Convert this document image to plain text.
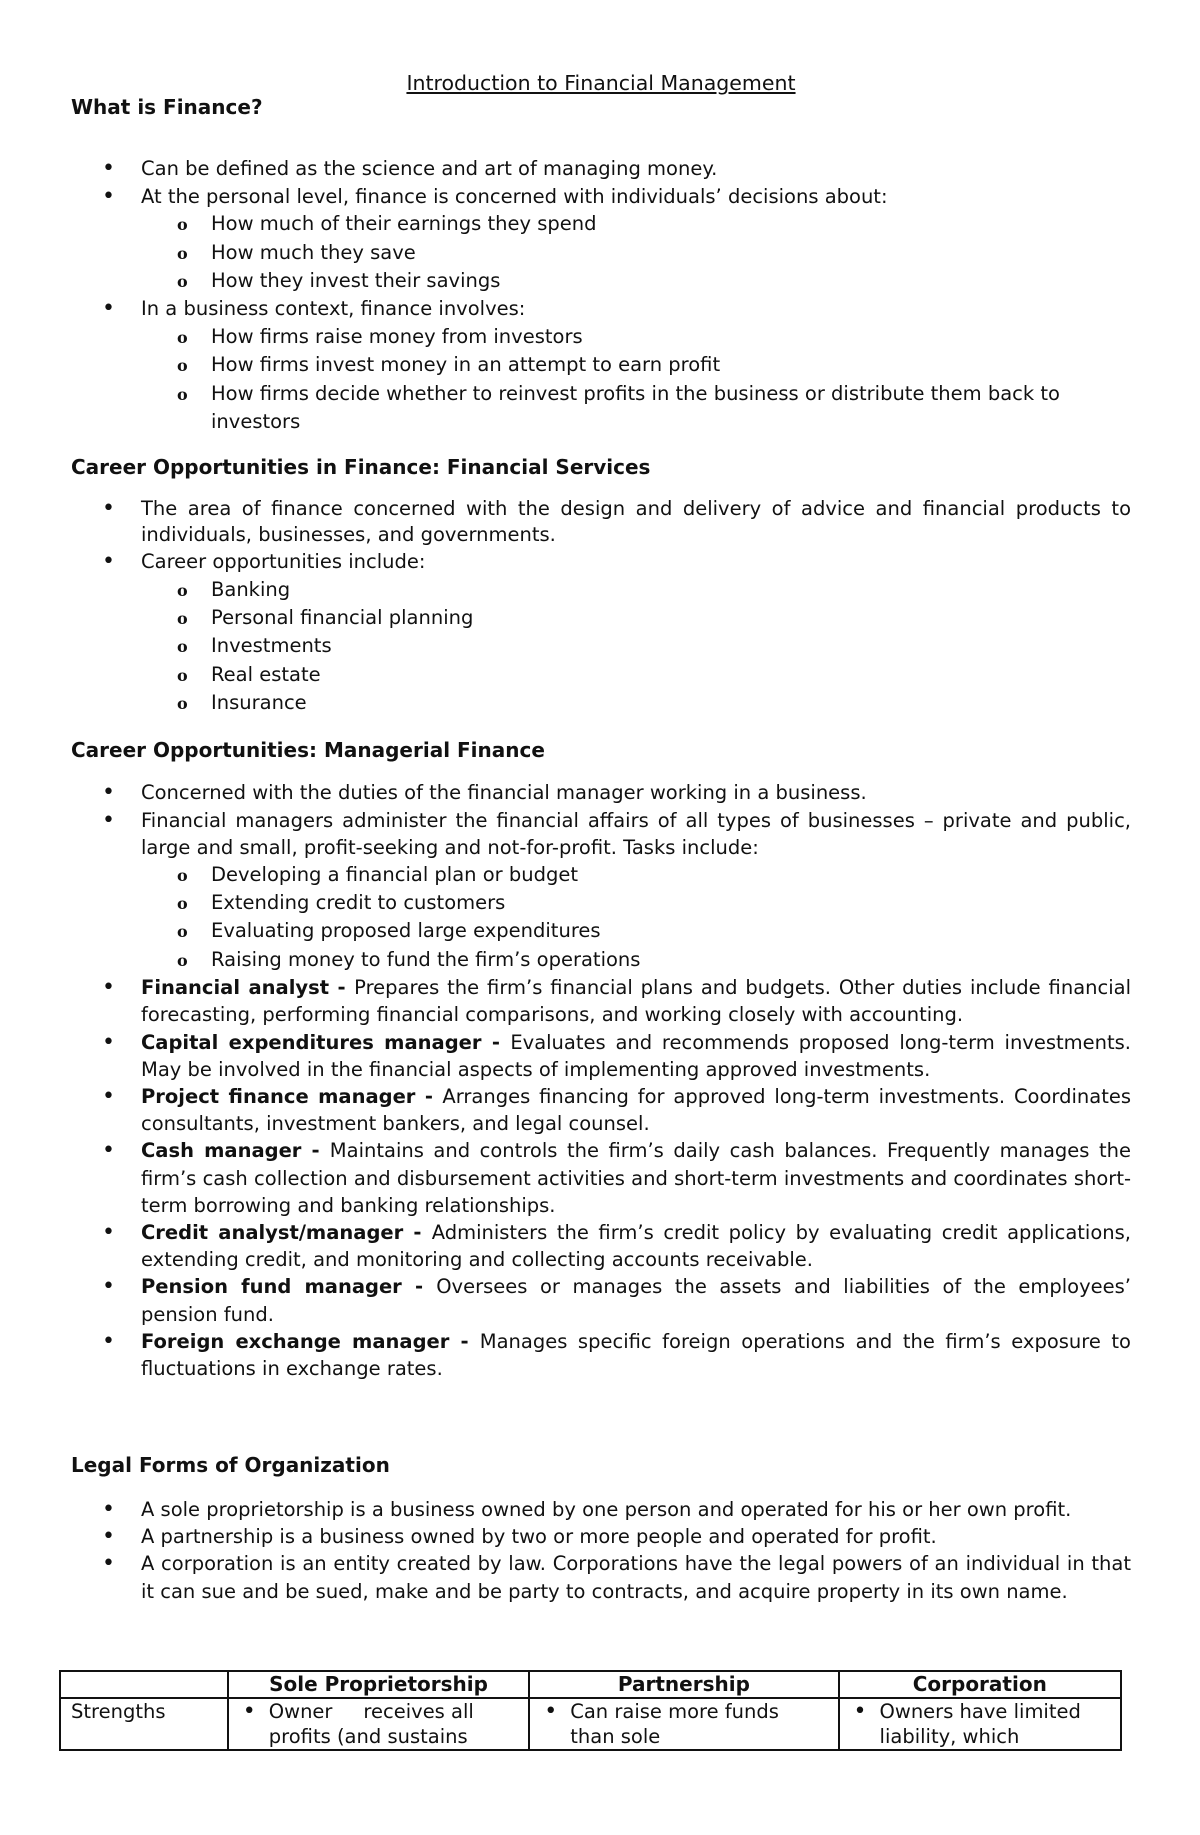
Introduction to Financial Management
What is Finance?
• Can be defined as the science and art of managing money.
• At the personal level, finance is concerned with individuals’ decisions about:
o How much of their earnings they spend
o How much they save
o How they invest their savings
• In a business context, finance involves:
o How firms raise money from investors
o How firms invest money in an attempt to earn profit
o How firms decide whether to reinvest profits in the business or distribute them back to investors
Career Opportunities in Finance: Financial Services
• The area of finance concerned with the design and delivery of advice and financial products to individuals, businesses, and governments.
• Career opportunities include:
o Banking
o Personal financial planning
o Investments
o Real estate
o Insurance
Career Opportunities: Managerial Finance
• Concerned with the duties of the financial manager working in a business.
• Financial managers administer the financial affairs of all types of businesses – private and public, large and small, profit-seeking and not-for-profit. Tasks include:
o Developing a financial plan or budget
o Extending credit to customers
o Evaluating proposed large expenditures
o Raising money to fund the firm’s operations
• Financial analyst - Prepares the firm’s financial plans and budgets. Other duties include financial forecasting, performing financial comparisons, and working closely with accounting.
• Capital expenditures manager - Evaluates and recommends proposed long-term investments. May be involved in the financial aspects of implementing approved investments.
• Project finance manager - Arranges financing for approved long-term investments. Coordinates consultants, investment bankers, and legal counsel.
• Cash manager - Maintains and controls the firm’s daily cash balances. Frequently manages the firm’s cash collection and disbursement activities and short-term investments and coordinates short-term borrowing and banking relationships.
• Credit analyst/manager - Administers the firm’s credit policy by evaluating credit applications, extending credit, and monitoring and collecting accounts receivable.
• Pension fund manager - Oversees or manages the assets and liabilities of the employees’ pension fund.
• Foreign exchange manager - Manages specific foreign operations and the firm’s exposure to fluctuations in exchange rates.
Legal Forms of Organization
• A sole proprietorship is a business owned by one person and operated for his or her own profit.
• A partnership is a business owned by two or more people and operated for profit.
• A corporation is an entity created by law. Corporations have the legal powers of an individual in that it can sue and be sued, make and be party to contracts, and acquire property in its own name.
	Sole Proprietorship	Partnership	Corporation
Strengths	• Owner     receives all profits (and sustains	• Can raise more funds than sole	• Owners have limited liability, which
